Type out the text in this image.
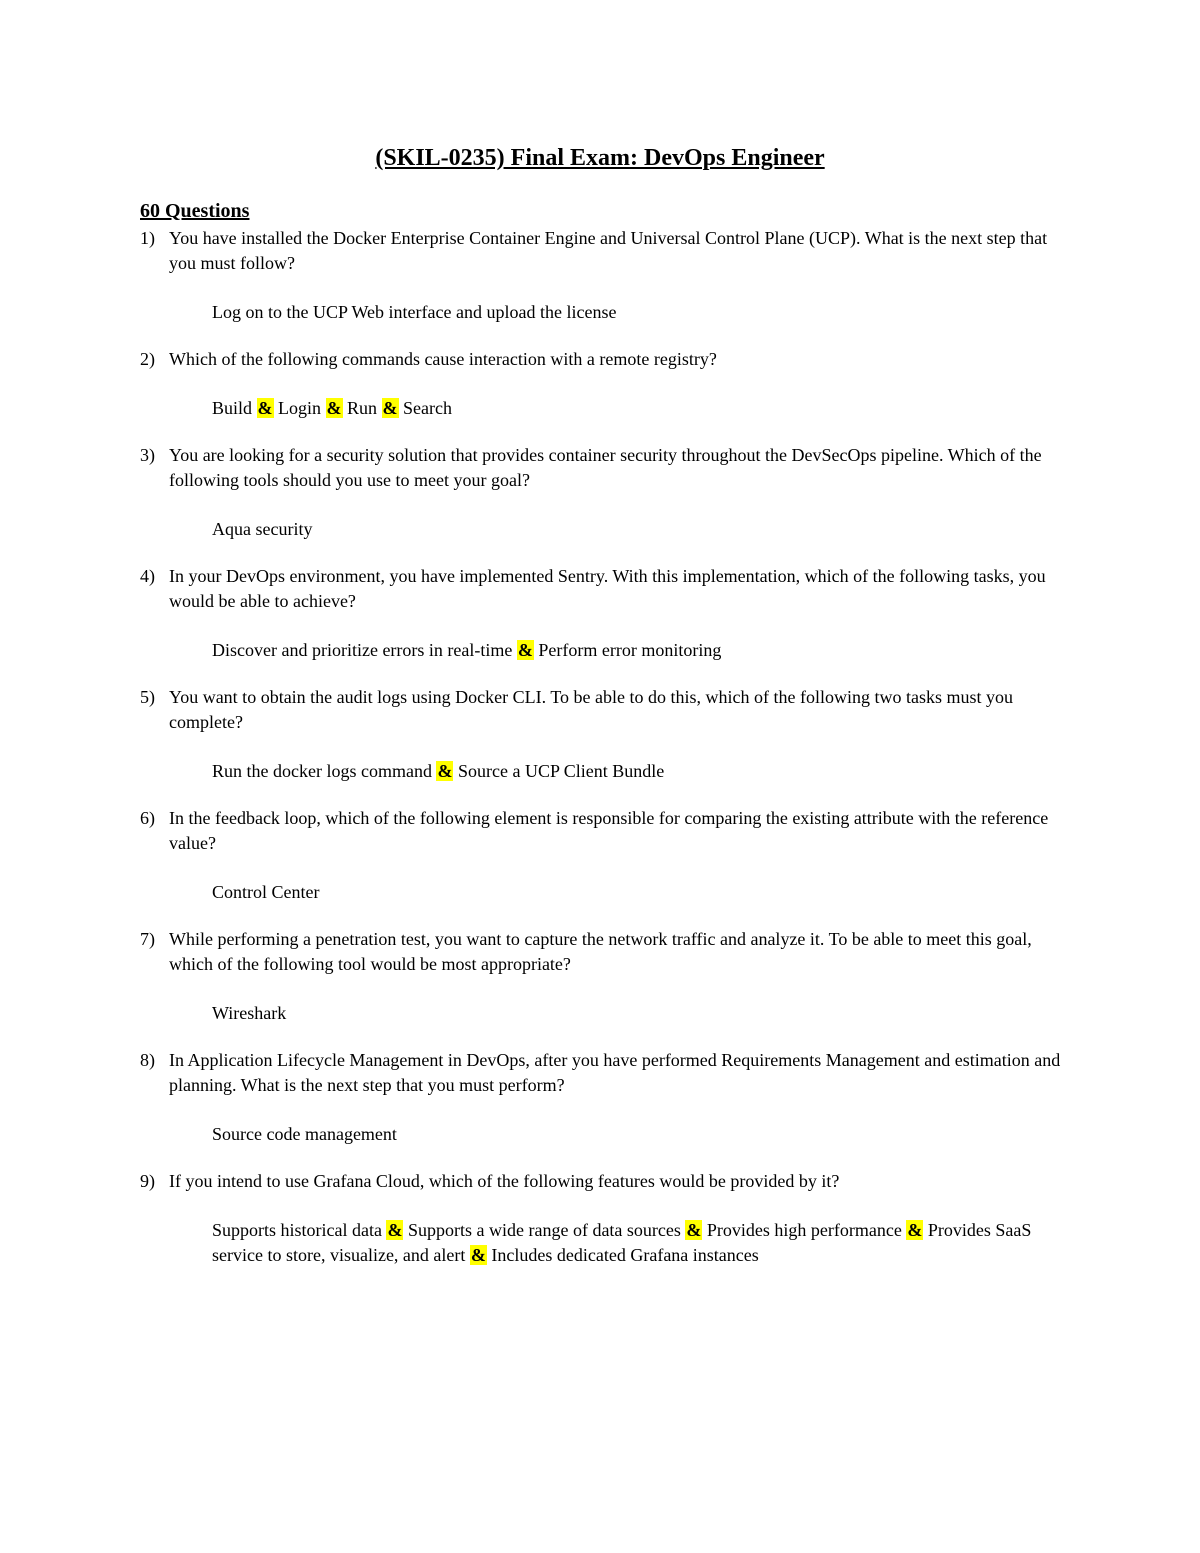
(SKIL-0235) Final Exam: DevOps Engineer
60 Questions
1) You have installed the Docker Enterprise Container Engine and Universal Control Plane (UCP). What is the next step that you must follow?

Log on to the UCP Web interface and upload the license
2) Which of the following commands cause interaction with a remote registry?

Build & Login & Run & Search
3) You are looking for a security solution that provides container security throughout the DevSecOps pipeline. Which of the following tools should you use to meet your goal?

Aqua security
4) In your DevOps environment, you have implemented Sentry. With this implementation, which of the following tasks, you would be able to achieve?

Discover and prioritize errors in real-time & Perform error monitoring
5) You want to obtain the audit logs using Docker CLI. To be able to do this, which of the following two tasks must you complete?

Run the docker logs command & Source a UCP Client Bundle
6) In the feedback loop, which of the following element is responsible for comparing the existing attribute with the reference value?

Control Center
7) While performing a penetration test, you want to capture the network traffic and analyze it. To be able to meet this goal, which of the following tool would be most appropriate?

Wireshark
8) In Application Lifecycle Management in DevOps, after you have performed Requirements Management and estimation and planning. What is the next step that you must perform?

Source code management
9) If you intend to use Grafana Cloud, which of the following features would be provided by it?

Supports historical data & Supports a wide range of data sources & Provides high performance & Provides SaaS service to store, visualize, and alert & Includes dedicated Grafana instances
